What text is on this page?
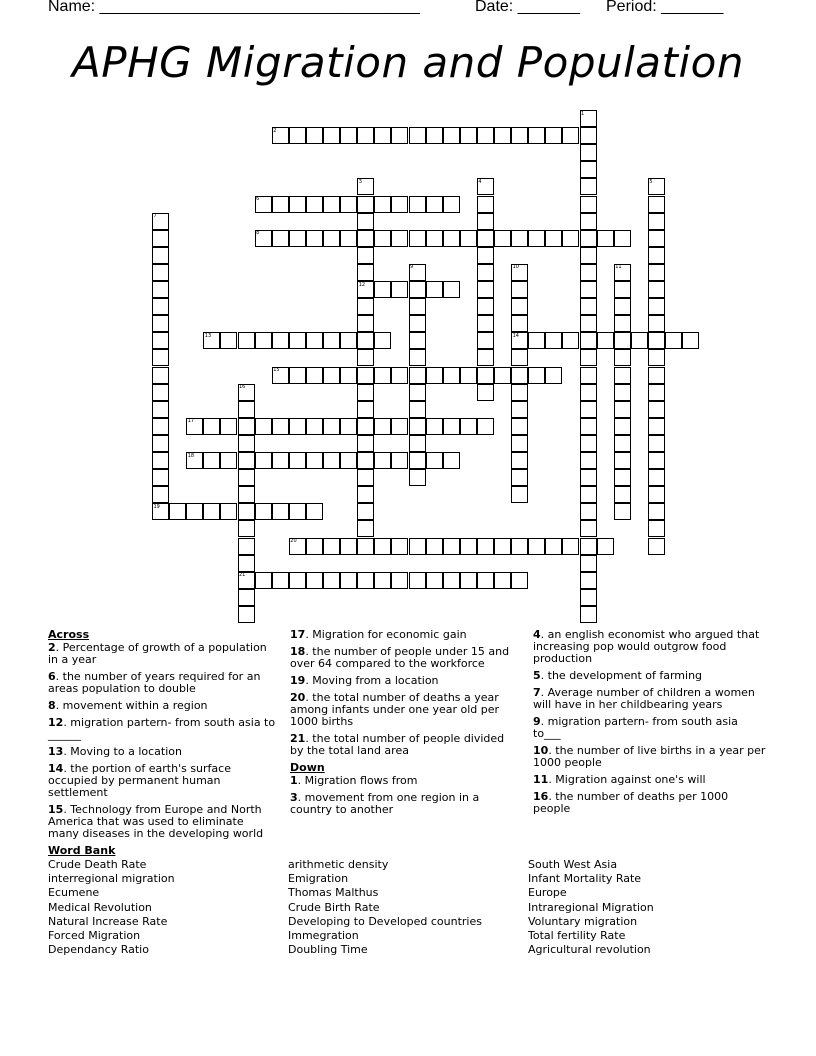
Name: ____________________________________	Date: _______ Period: _______
APHG Migration and Population
1
2
3	4	5
6
7
8
9	10	11
12
13	14
15
16
17
18
19
20
21
Across
2. Percentage of growth of a population in a year
6. the number of years required for an areas population to double
8. movement within a region
12. migration partern- from south asia to ______
13. Moving to a location
14. the portion of earth's surface occupied by permanent human settlement
15. Technology from Europe and North America that was used to eliminate many diseases in the developing world
17. Migration for economic gain
18. the number of people under 15 and over 64 compared to the workforce
19. Moving from a location
20. the total number of deaths a year among infants under one year old per 1000 births
21. the total number of people divided by the total land area
Down
1. Migration flows from
3. movement from one region in a country to another
4. an english economist who argued that increasing pop would outgrow food production
5. the development of farming
7. Average number of children a women will have in her childbearing years
9. migration partern- from south asia to___
10. the number of live births in a year per 1000 people
11. Migration against one's will
16. the number of deaths per 1000 people
Word Bank
Crude Death Rate
interregional migration
Ecumene
Medical Revolution
Natural Increase Rate
Forced Migration
Dependancy Ratio
arithmetic density
Emigration
Thomas Malthus
Crude Birth Rate
Developing to Developed countries
Immegration
Doubling Time
South West Asia
Infant Mortality Rate
Europe
Intraregional Migration
Voluntary migration
Total fertility Rate
Agricultural revolution
